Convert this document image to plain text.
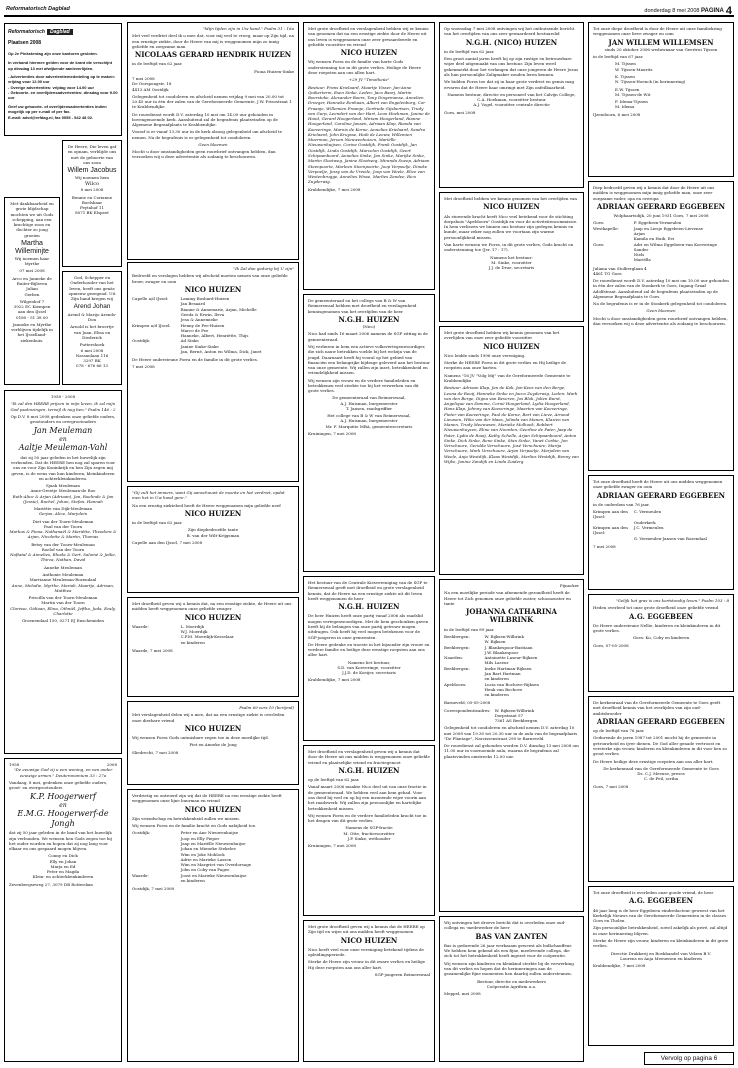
Reformatorisch Dagblad	donderdag 8 mei 2008 PAGINA 4
Reformatorisch	Dagblad
Plaatsen 2008
Op 2e Pinksterdag zijn onze kantoren gesloten.
In verband hiermee gelden voor de krant die verschijnt op dinsdag 13 mei afwijkende aanleverlijden.
- Advertenties door advertentiemededeling op te maken: vrijdag voor 12.00 uur
- Overige advertenties: vrijdag voor 14.00 uur
- Geboorte- en overlijdensadvertenties: dinsdag voor 9.00 uur
Geef uw geboorte- of overlijdensadvertenties indien mogelijk op per e-mail of per fax.
E-mail: advd@refdag.nl, fax 0055 - 542 48 02.
De Heere, Die leven gaf en opnam, verblijde ons met de geboorte van ons zoon
Willem Jacobus
Wij noemen hem
Wilco
8 mei 2008
Bennie en Corianne Boelsbaar
Feytahof 11
8071 BK Elspeet
Met dankbaarheid en grote blijdschap mochten we uit Gods schepping, aan een krachtige zoon en dochter zo jong groeien
Martha Willeminjte
Wij noemen haar Myrthe
07 mei 2008
Arco en Janneke de Ruiter-Bijleven
Julian
Gerben
Wilgenhof 7
3922 EC Kiempen
aan den IJssel
0180 - 51 38 00
Janneke en Myrthe verblijven tijdelijk in het IJsselland-ziekenhuis.
God, Schepper en Onderhouder van het leven, heeft ons genäs opnieuw gezegend. Uit Zijn hand kregen wij
Arend Johan
Arend & Marijo Arends-Don
Arnold is het broertje van Juan, Elisa en Diederick
Puttershoek
6 mei 2008
Nassaulaan 116
3297 BK
078 - 676 66 13
1958 - 2008
"Ik zal den HEERE prijzen in mijn leven, ik zal mijn God psalmzingen, terwijl ik nog ben." Psalm 146 : 2
Op D.V. 8 mei 2008 gedenken onze geliefde ouders, grootouders en overgrootouders
Jan Meuleman
en
Aaltje Meuleman-Vahl
dat zij 50 jaar geleden in het huwelijk zijn verbonden. Dat de HEERE hen nog zal sparen voor ons en voor Zijn Koninkrijk en hen Zijn zegen mij geven, is de wens van hun kinderen, kleinkinderen en achterkleinkinderen.
Sjaak Meuleman
Anne-Greetje Meuleman-de Roo
Ruth-Alice & Arjan (Adriaan), Jan, Roelinde & Jan (Jessie), Rachel, Johan, Stefan, Hannah
Mariëtte van Dijk-Meuleman
Gerjan, Alice, Marjolein
Diet van der Toorn-Meuleman
Paul van der Toorn
Markus & Fiona, Nathanaël & Mariëtte, Theodora & Arjan, Nicolette & Martin, Thomas
Betsy van der Toorn-Meuleman
Roelof van der Toorn
Naftatal & Annelies, Rhoda & Gert, Salomé & Jetke, Thirza, Nathan, David
Anneke Meuleman
Anthonie Meuleman
Marrianne Meuleman-Rozendaal
Anne, Melodie, Myrthe, Mariah, Maartje, Adriaan, Matthea
Priscilla van der Toorn-Meuleman
Martin van der Toorn
Clarisse, Gidiaan, Elina, Othniël, Jeftha, Juda, Ezaly, Charlotte
Groenendaal 150, 0271 EJ Enschemiden
1958	2008
"De eeuwige God zij u een woning, en van onder eeuwige armen." Deuteronomium 33 : 27a
Vandaag, 8 mei, gedenken onze geliefde ouders, groot- en overgrootouders
K.P. Hoogerwerf
en
E.M.G. Hoogerwerf-de Jongh
dat zij 50 jaar geleden in de band van het huwelijk zijn verbonden. We wensen hen Gods zegen toe bij het ouder worden en hopen dat zij nog lang voor elkaar en ons gespaard mogen blijven.
Conny en Dick
Elly en Johan
Marja en Ed
Peter en Magda
Klein- en achterkleinkinderen
Zevenbergseweg 27, 3079 DB Rotterdam
"Mijn tijden zijn in Uw hand." Psalm 31 : 16a
Met veel verdriet deel ik u mee dat, voor mij veel te vroeg, maar op Zijn tijd, na een ernstige ziekte, door de Heere van mij is weggenomen mijn zo innig geliefde en zorgzame man
NICOLAAS GERARD HENDRIK HUIZEN
in de leeftijd van 62 jaar.
Fiona Huizen-Sinke
7 mei 2008
De Oorspongstr. 18
4413 AM Oostdijk
Gelegenheid tot condoleren en afscheid nemen vrijdag 9 mei van 20.00 tot 20.45 uur in één der zalen van de Gereformeerde Gemeente, J.W. Frisostraat 1 te Krabbendijke.
De rouwdienst wordt D.V. zaterdag 10 mei om 14.00 uur gehouden in bovengenoemde kerk. Aansluitend zal de begrafenis plaatsvinden op de Algemene Begraafplaats te Krabbendijke.
Vooraf is er vanaf 13.30 uur in de kerk alsnog gelegenheid om afscheid te nemen. Na de begrafenis is er gelegenheid tot condoleren.
Geen bloemen
Mocht u door omstandigheden geen rouwbrief ontvangen hebben, dan verzoeken wij u deze advertentie als zodanig te beschouwen.
"Ik Zal dan gedurig bij U zijn"
Bedroefd en verslagen hebben wij afscheid moeten nemen van onze geliefde broer, zwager en oom
NICO HUIZEN
Capelle a/d IJssel:	Lammy Boshard-Huizen
Jan Besaard
Rianne & Annemarie, Arjan, Michelle
Geeda & Erwin, Ileva
Jesa & Annemieke
Krimpen a/d IJssel:	Henny de Pee-Huizen
Marco de Pee
Hanneke, Albert, Henriëtte, Thijs
Oostdijk:	Ad Sinke
Janine Sinke-Sinke
Jan, Berné, Anton en Wilma, Dick, Janet
De Heere ondersteune Forra en de familie in dit grote verlies.
7 mei 2008
"Gij zult het immers, want Gij aanschouwt de moeite en het verdriet, opdat men het in Uw hand gere."
Na een ernstig ziektebed heeft de Heere weggenomen mijn geliefde neef
NICO HUIZEN
in de leeftijd van 62 jaar.
Zijn diepbedroefde tante
B. van der Wilt-Krijgsman
Capelle aan den IJssel, 7 mei 2008
Met droefheid geven wij u kennis dat, na een ernstige ziekte, de Heere uit ons midden heeft weggenomen onze geliefde zwager
NICO HUIZEN
Waarde:	L. Moerdijk
W.J. Moerdijk
C.P.M. Moerdijk-Kesselaar
en kinderen
Waarde, 7 mei 2008
Psalm 69 vers 10 (berijmd)
Met verslagenheid delen wij u mee, dat na een ernstige ziekte is overleden onze dierbare vriend
NICO HUIZEN
Wij wensen Forra Gods ontmisbare zegen toe in deze moeilijke tijd.
Piet en Anneke de Jong
Sliedrecht, 7 mei 2008
Verdrietig en ontroerd zijn wij dat de HEERE na een ernstige ziekte heeft weggenomen onze lijne buurman en vriend
NICO HUIZEN
Zijn vriendschap en betrokkenheid zullen we missen.
Wij wensen Forra en de familie kracht en Gods nabijheid toe.
Oostdijk:	Peter en Ane Nieuwenhuijse
Joop en Elly Pieper
Jaap en Mariëlle Nieuwenhuijse
Johan en Mieneke Stekelee
Wim en Joke Mohlock
Adrie en Marieke Lassen
Wim en Margriet van Overdorsage
John en Coby van Pagee
Waarde:	Joost en Marieke Nieuwenhuijse
en kinderen
Oostdijk, 7 mei 2008
Met grote droefheid en verslagenheid hebben wij er kennis van genomen dat na een ernstige ziekte door de Heere uit ons leven is weggenomen onze zeer gewaardeerde en geliefde voorzitter en vriend
NICO HUIZEN
Wij wensen Forra en de familie van harte Gods ondersteuning toe in dit grote verlies. Heilige de Heere deze roepsten aan ons allen hart.
+29 JV "Timotheüs"
Bestuur: Frans Krielaard, Maartje Visser, Jan-Anne Quikerterm, Esen Sinke. Leden: Jaco Baarj, Martin Boerstoke, Alexander Boers, Tony Dingemanse, Annelien Droeger, Hanneke Eenhaan, Albert van Engelenburg, Cor Fraanje, Willemien Fraanje, Gertrude Gijsbertsen, Trudy van Gurp, Leendert van der Hart, Leon Hoekman, Janine de Hond, Gerard Hoogerland, Miriam Hoogerland, Rianne Hoogerland, Caroline Jansen, Adriaan Klap, Rianda van Koeveringe, Marnix de Korne, Annelies Krielaard, Sandra Krielaard, John Kruysse, Huib de Leeuw, Willemien Moerman, Jeroen Nieuwenhuizen, Mariëlle Nieuwenhuijsen, Corine Oostdijk, Frank Oostdijk, Jan Oostdijk, Linda Oostdijk, Marcelon Oostdijk, Geert Schipaanboord, Annelies Sinke, Jan Sinke, Marijke Sinke, Martin Slootweg, Janine Slootweg, Miranda Sneep, Adriaan Steenpoorte, Marleen Steenpoorte, Joop Verpoelje, Dineke Verpoelje, Jessy van de Vreede, Joop van Weele, Elize van Westenbrugge, Annelies Wisse, Marlies Zandee, Rico Zuyderwig.
Krabbendijke, 7 mei 2008
De gemeenteraad en het college van B & W van Reimerswaal hebben met droefheid en verslagenheid kennisgenomen van het overlijden van de heer
N.G.H. HUIZEN
(Nico)
Nico had sinds 16 maart 2006 namens de SGP zitting in de gemeenteraad.
Wij verliezen in hem een actieve volksvertegenwoordiger, die zich nauw betrokken voelde bij het welzijn van de jeugd. Daarnaast heeft hij vooral op het gebied van financiën een belangrijke bijdrage geleverd aan het bestuur van onze gemeente. Wij zullen zijn inzet, betrokkenheid en vriendelijkheid missen.
Wij wensen zijn vrouw en de verdere familieleden en betrokkenen veel sterkte toe bij het verwerken van dit grote verlies.
De gemeenteraad van Reimerswaal,
A.J. Huisman, burgemeester
T. Jansen, raadsgriffier
Het college van B & W van Reimerswaal,
A.J. Huisman, burgemeester
Mr. F. Marquitie MBA, gemeentesecretaris
Kruiningen, 7 mei 2008
Het bestuur van de Centrale Kiesvereniging van de SGP te Reimerswaal geeft met droefheid en grote verslagenheid kennis, dat de Heere na een ernstige ziekte uit dit leven heeft weggenomen de heer
N.G.H. HUIZEN
De heer Huizen heeft onze partij vanaf 2006 als raadslid mogen vertegenwoordigen. Met de hem geschonken gaven heeft hij de belangen van onze partij getrouw mogen uitdragen. Ook heeft hij veel mogen betekenen voor de SGP-jongeren in onze gemeenten.
De Heere gedenke en troeste in het bijzonder zijn vrouw en verdere familie en heilige deze ernstige roepsten aan ons aller hart.
Namens het bestuur,
S.D. van Koeveringe, voorzitter
J.J.D. de Koeijer, secretaris
Krabbendijke, 7 mei 2008
Met droefheid en verslagenheid geven wij u kennis dat door de Heere uit ons midden is weggenomen onze geliefde vriend en plaatselijke vriend en fractiegenoot
N.G.H. HUIZEN
op de leeftijd van 62 jaar.
Vanaf maart 2006 maakte Nico deel uit van onze fractie in de gemeenteraad. We hebben veel aan hem gehad. Voor ons deed hij veel en op hij een inzonende wijze voorin aan het raadswerk. Wij zullen zijn persoonlijke en hartelijke betrokkenheid missen.
Wij wensen Forra en de verdere familieleden kracht toe in het dragen van dit grote verlies.
Namens de SGP-fractie
M. Otte, fractievoorzitter
J.P. Sinke, wethouder
Kruiningen, 7 mei 2008
Met grote droefheid geven wij u kennis dat de HEERE op Zijn tijd en wijze uit ons midden heeft weggenomen
NICO HUIZEN
Nico heeft veel voor onze vereniging betekend tijdens de opleidingsperiode.
Sterke de Heere zijn vrouw in dit zware verlies en heilige Hij deze roepsten aan ons aller hart.
SGP-jongeren Reimerswaal
Op woensdag 7 mei 2008 ontvingen wij het onthutsende bericht van het overlijden van ons zeer gewaardeerd bestuurslid
N.G.H. (NICO) HUIZEN
in de leeftijd van 62 jaar.
Een groot aantal jaren heeft hij op zijn rustige en betrouwbare wijze deel uitgemaakt van ons bestuur. Zijn leven werd gekenmerkt door het verlangen dat onze jongeren de Heere Jezus als hun persoonlijke Zaligmaker zouden leren kennen.
We bidden Forra toe dat zij in haar grote verdriet en gemis mag ervaren dat de Heere haar omringt met Zijn onfeilbaarheid.
Namens bestuur, directie en personeel van het Calvijn College,
C.A. Hoekman, voorzitter bestuur
A.J. Vogel, voorzitter centrale directie
Goes, mei 2008
Met droefheid hebben we kennis genomen van het overlijden van
NICO HUIZEN
Als stuwende kracht heeft Nico veel betekend voor de stichting dorpshuis "Apeldoorn" Oostdijk en voor de activiteitencommissie. In hem verliezen we binnen ons bestuur zijn gedegen kennis en kunde, maar zeker nog zullen we voortaan zijn warme persoonlijkheid missen.
Van harte wensen we Forra, in dit grote verlies, Gods kracht en ondersteuning toe (Jer. 17 : 17).
Namens het bestuur:
M. Sinke, voorzitter
J.J. de Drue, secretaris
Met grote droefheid hebben wij kennis genomen van het overlijden van onze zeer geliefde voorzitter
NICO HUIZEN
Nico leidde sinds 1996 onze vereniging.
Sterke de HEERE Forra in dit grote verlies en Hij heilige de roepsten aan onze harten.
Namens "16 JV "Volg Mij" van de Gereformeerde Gemeente te Krabbendijke
Bestuur: Adriaan Klap, Jan de Kok, Jan-Kees van den Berge, Leona de Rooij, Hanneke Sinke en Jacco Zuyderwig. Leden: Mark van den Berge, Digna van Beveren, Jos Blok, Jolien Burst, Angelique van Damme, Corné Hoogerland, Lydia Hoogerland, Hans Klap, Johnny van Koeveringe, Maarten van Koeveringe, Pieter van Koeveringe, Paul de Korne, Bart van Lieve, Arnoud Lieuwen, Wiko van der Maas, Jolinda van Manen, Klazien van Manen, Trudy Meeuwsen, Marieke Molhoek, Robbert Nieuwenhuyzen, Eline van Noorden, Geerline de Pater, Jaap de Pater, Lydia de Rooij, Kathy Schelle, Arjan Schipaanboord, Anton Sinke, Dick Sinke, Rene Sinke, Stan Sinke, Vanet Corbie, Jon Verschuure, Gerolda Verschuure, José Verschuure, Marija Verschuure, Mark Verschuure, Arjan Verpoelje, Marjolein van Weele, Anja Westdijk, Klaas Westdijk, Marlies Westdijk, Benny van Wijke, Janine Zandijk en Linda Zuiderg
Pijnacker
Na een moeilijke periode van afnemende gezondheid heeft de Heere tot Zich genomen onze geliefde zuster, schoonzuster en tante
JOHANNA CATHARINA WILBRINK
in de leeftijd van 89 jaar.
Beekbergen:	W. Rijksen-Wilbrink
W. Rijksen
Beekbergen:	J. Blankespoor-Bastiaan
J.W. Blankespoor
Naarden:	Antoinette Laseur-Rijksen
Mils Laseur
Beekbergen:	Ineke Hartman-Rijksen
Jan Bart Hartman
en kinderen
Apeldoorn:	Lucia van Bochove-Rijksen
Henk van Bochove
en kinderen
Barneveld, 05-05-2008
Correspondentieadres: W. Rijksen-Wilbrink
Dorpstraat 57
7361 AS Beekbergen
Gelegenheid tot condoleren en afscheid nemen D.V. zaterdag 10 mei 2008 van 19.30 tot 20.30 uur in de aula van de begraafplaats "De Plantage", Narcissenstraat 290 te Barneveld.
De rouwdienst zal gehouden worden D.V. dinsdag 13 mei 2008 om 11.00 uur in voornoemde aula, waarna de begrafenis zal plaatsvinden omstreeks 12.00 uur.
Wij ontvingen het droeve bericht dat is overleden onze oud-collega en -medewerker de heer
BAS VAN ZANTEN
Bas is gedurende 26 jaar werkzaam geweest als bulkchauffeur. We hebben hem gekend als een fijne, meelevende collega, die zich tot het betrokkenheid heeft ingezet voor de coöperatie.
Wij wensen zijn kinderen en kleinkind sterkte bij de verwerking van dit verlies en hopen dat de herinneringen aan de gezamenlijke fijne momenten hen daarbij zullen ondersteunen.
Bestuur, directie en medewerkers
Coöperatie Agrifirm u.a.
Meppel, mei 2008
Tot onze diepe droefheid is door de Heere uit onze familiekring weggenomen onze lieve zwager en oom
JAN WILLEM WILLEMSEN
sinds 20 oktober 2006 weduwnaar van Geertrui Tijssen
in de leeftijd van 67 jaar.
M. Tijssen
W. Tijssen-Mauritz
K. Tijssen
N. Tijssen-Hoenck (in herinnering)
E.W. Tijssen
M. Tijssen-de Wit
F. Idema-Tijssen
M. Idema
IJzendoorn, 6 mei 2008
Diep bedroefd geven wij u kennis dat door de Heere uit ons midden is weggenomen mijn innig geliefde man, onze zeer zorgzame vader, opa en overopa
ADRIAAN GEERARD EGGEBEEN
Wolphaartsdijk, 20 juni 1931 Goes, 7 mei 2008
Goes:	P. Eggebeen-Vermeulen
Westkapelle:	Jaap en Liesje Eggebeen-Lievense
Arjan
Kamila en Huib, Evi
Goes:	Adri en Wilma Eggebeen-van Koeveringe
Sander
Niels
Mariëlla
Juliana van Stolberglaan 4
4461 TG Goes
De rouwdienst wordt D.V. zaterdag 10 mei om 10.00 uur gehouden in één der zalen van de Stonkerk te Goes, Ingang Graaf Adolfstraat. Aansluitend zal de begrafenis plaatsvinden op de Algemene Begraafplaats te Goes.
Na de begrafenis is er in de Stonkerk gelegenheid tot condoleren.
Geen bloemen
Mocht u door omstandigheden geen rouwbrief ontvangen hebben, dan verzoeken wij u deze advertentie als zodanig te beschouwen.
Tot onze droefheid heeft de Heere uit ons midden weggenomen onze geliefde zwager en oom
ADRIAAN GEERARD EGGEBEEN
in de ouderdom van 76 jaar.
Krimpen aan den IJssel:
C. Vermeulen
Ouderkerk
Krimpen aan den IJssel:
J.C. Vermeulen
G. Vermeulen-Jansen van Rozendaal
7 mei 2008
"Gelijk het gras is ons kortstondig leven." Psalm 103 : 8
Heden overleed tot onze grote droefheid onze geliefde vriend
A.G. EGGEBEEN
De Heere ondersteune Nellie, kinderen en kleinkinderen in dit grote verlies.
Goes: Ko, Coby en kinderen
Goes, 07-05-2008
De kerkenraad van de Gereformeerde Gemeente te Goes geeft met droefheid kennis van het overlijden van zijn oud-ambtsbroeder
ADRIAAN GEERARD EGGEBEEN
op de leeftijd van 76 jaar.
Gedurende de jaren 1987 tot 2001 mocht hij de gemeente in getrouwheid en ijver dienen. De God aller genade vertroost en versterke zijn vrouw, kinderen en kleinkinderen in dit voor hen zo groot verlies.
De Heere heilige deze ernstige roepsten aan ons aller hart.
De kerkenraad van de Gereformeerde Gemeente te Goes
Ds. C.J. Meeuse, preses
C. de Feil, scriba
Goes, 7 mei 2008
Tot onze droefheid is overleden onze goede vriend, de heer
A.G. EGGEBEEN
46 jaar lang is de heer Eggebeen eindredacteur geweest van het Kerkelijk Nieuws van de Gereformeerde Gemeenten in de classes Goes en Tholen.
Zijn persoonlijke betrokkenheid, zowel zakelijk als privé, zal altijd in onze herinnering blijven.
Sterke de Heere zijn vrouw, kinderen en kleinkinderen in dit grote verlies.
Directie Drukkerij en Boekhandel van Velzen B.V.
Lourens en Anja Meeuwsen en kinderen
Krabbendijke, 7 mei 2008
Vervolg op pagina 6
